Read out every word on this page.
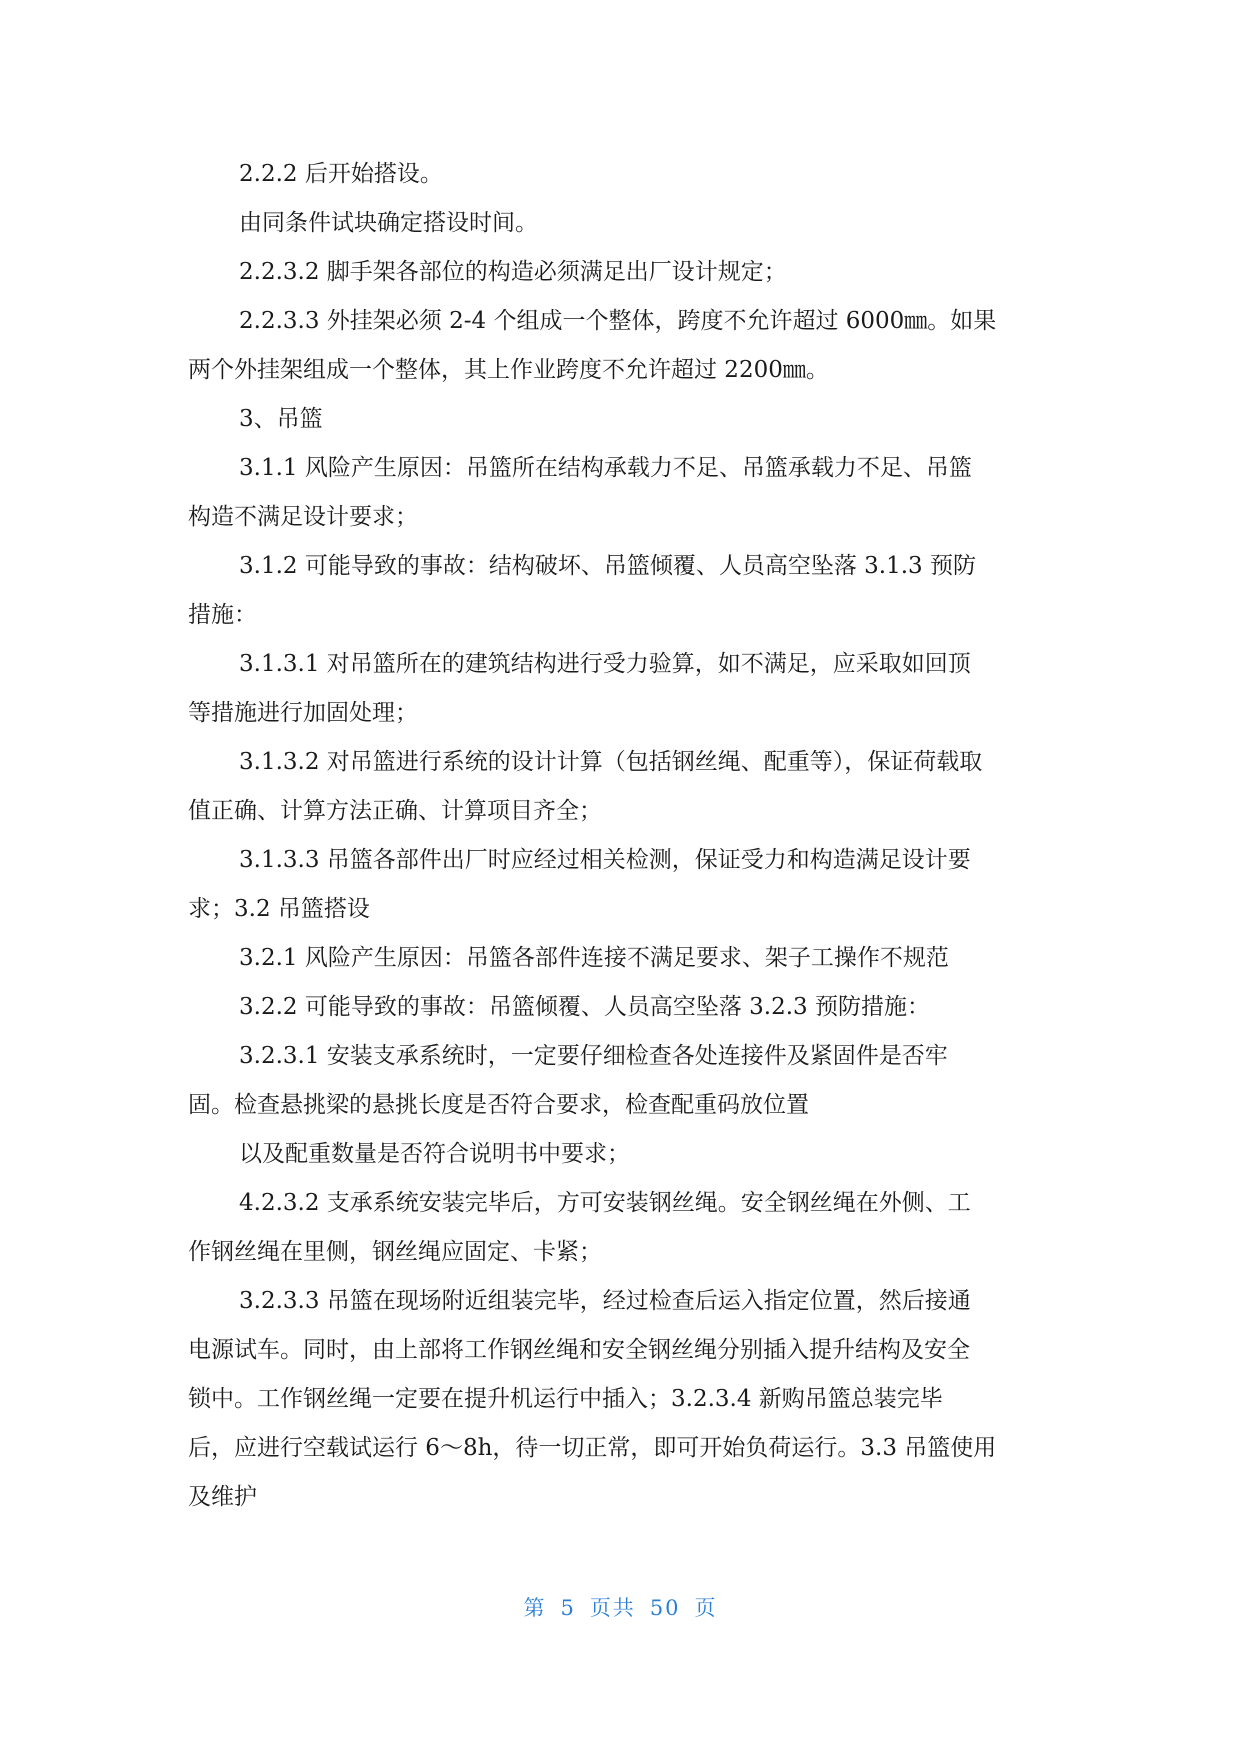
2.2.2 后开始搭设。
由同条件试块确定搭设时间。
2.2.3.2 脚手架各部位的构造必须满足出厂设计规定；
2.2.3.3 外挂架必须 2-4 个组成一个整体，跨度不允许超过 6000㎜。如果
两个外挂架组成一个整体，其上作业跨度不允许超过 2200㎜。
3、吊篮
3.1.1 风险产生原因：吊篮所在结构承载力不足、吊篮承载力不足、吊篮
构造不满足设计要求；
3.1.2 可能导致的事故：结构破坏、吊篮倾覆、人员高空坠落 3.1.3 预防
措施：
3.1.3.1 对吊篮所在的建筑结构进行受力验算，如不满足，应采取如回顶
等措施进行加固处理；
3.1.3.2 对吊篮进行系统的设计计算（包括钢丝绳、配重等），保证荷载取
值正确、计算方法正确、计算项目齐全；
3.1.3.3 吊篮各部件出厂时应经过相关检测，保证受力和构造满足设计要
求；3.2 吊篮搭设
3.2.1 风险产生原因：吊篮各部件连接不满足要求、架子工操作不规范
3.2.2 可能导致的事故：吊篮倾覆、人员高空坠落 3.2.3 预防措施：
3.2.3.1 安装支承系统时，一定要仔细检查各处连接件及紧固件是否牢
固。检查悬挑梁的悬挑长度是否符合要求，检查配重码放位置
以及配重数量是否符合说明书中要求；
4.2.3.2 支承系统安装完毕后，方可安装钢丝绳。安全钢丝绳在外侧、工
作钢丝绳在里侧，钢丝绳应固定、卡紧；
3.2.3.3 吊篮在现场附近组装完毕，经过检查后运入指定位置，然后接通
电源试车。同时，由上部将工作钢丝绳和安全钢丝绳分别插入提升结构及安全
锁中。工作钢丝绳一定要在提升机运行中插入；3.2.3.4 新购吊篮总装完毕
后，应进行空载试运行 6～8h，待一切正常，即可开始负荷运行。3.3 吊篮使用
及维护
第 5 页共 50 页
